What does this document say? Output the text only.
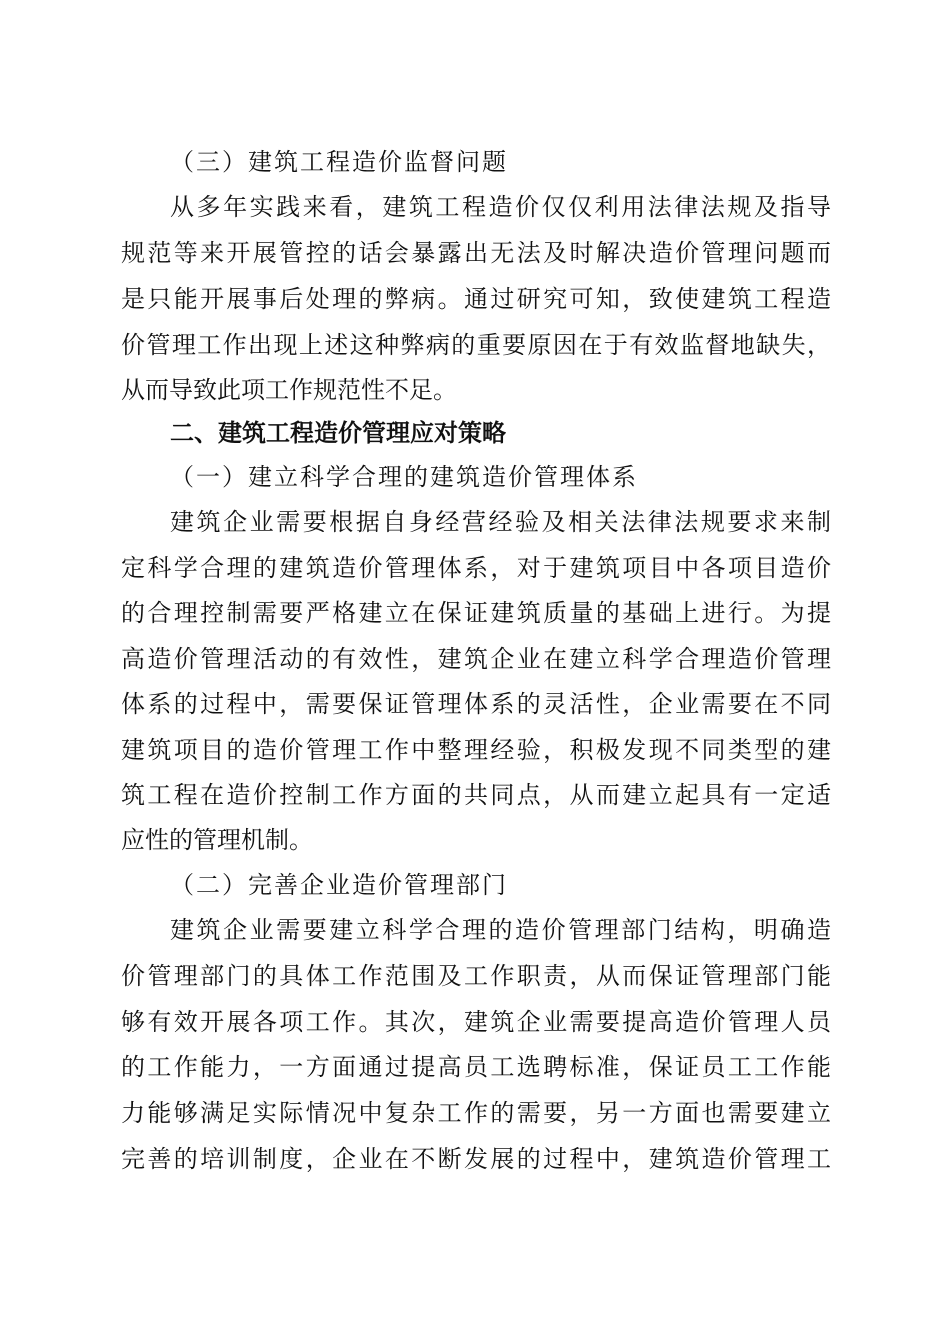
（三）建筑工程造价监督问题
从多年实践来看，建筑工程造价仅仅利用法律法规及指导
规范等来开展管控的话会暴露出无法及时解决造价管理问题而
是只能开展事后处理的弊病。通过研究可知，致使建筑工程造
价管理工作出现上述这种弊病的重要原因在于有效监督地缺失，
从而导致此项工作规范性不足。
二、建筑工程造价管理应对策略
（一）建立科学合理的建筑造价管理体系
建筑企业需要根据自身经营经验及相关法律法规要求来制
定科学合理的建筑造价管理体系，对于建筑项目中各项目造价
的合理控制需要严格建立在保证建筑质量的基础上进行。为提
高造价管理活动的有效性，建筑企业在建立科学合理造价管理
体系的过程中，需要保证管理体系的灵活性，企业需要在不同
建筑项目的造价管理工作中整理经验，积极发现不同类型的建
筑工程在造价控制工作方面的共同点，从而建立起具有一定适
应性的管理机制。
（二）完善企业造价管理部门
建筑企业需要建立科学合理的造价管理部门结构，明确造
价管理部门的具体工作范围及工作职责，从而保证管理部门能
够有效开展各项工作。其次，建筑企业需要提高造价管理人员
的工作能力，一方面通过提高员工选聘标准，保证员工工作能
力能够满足实际情况中复杂工作的需要，另一方面也需要建立
完善的培训制度，企业在不断发展的过程中，建筑造价管理工
